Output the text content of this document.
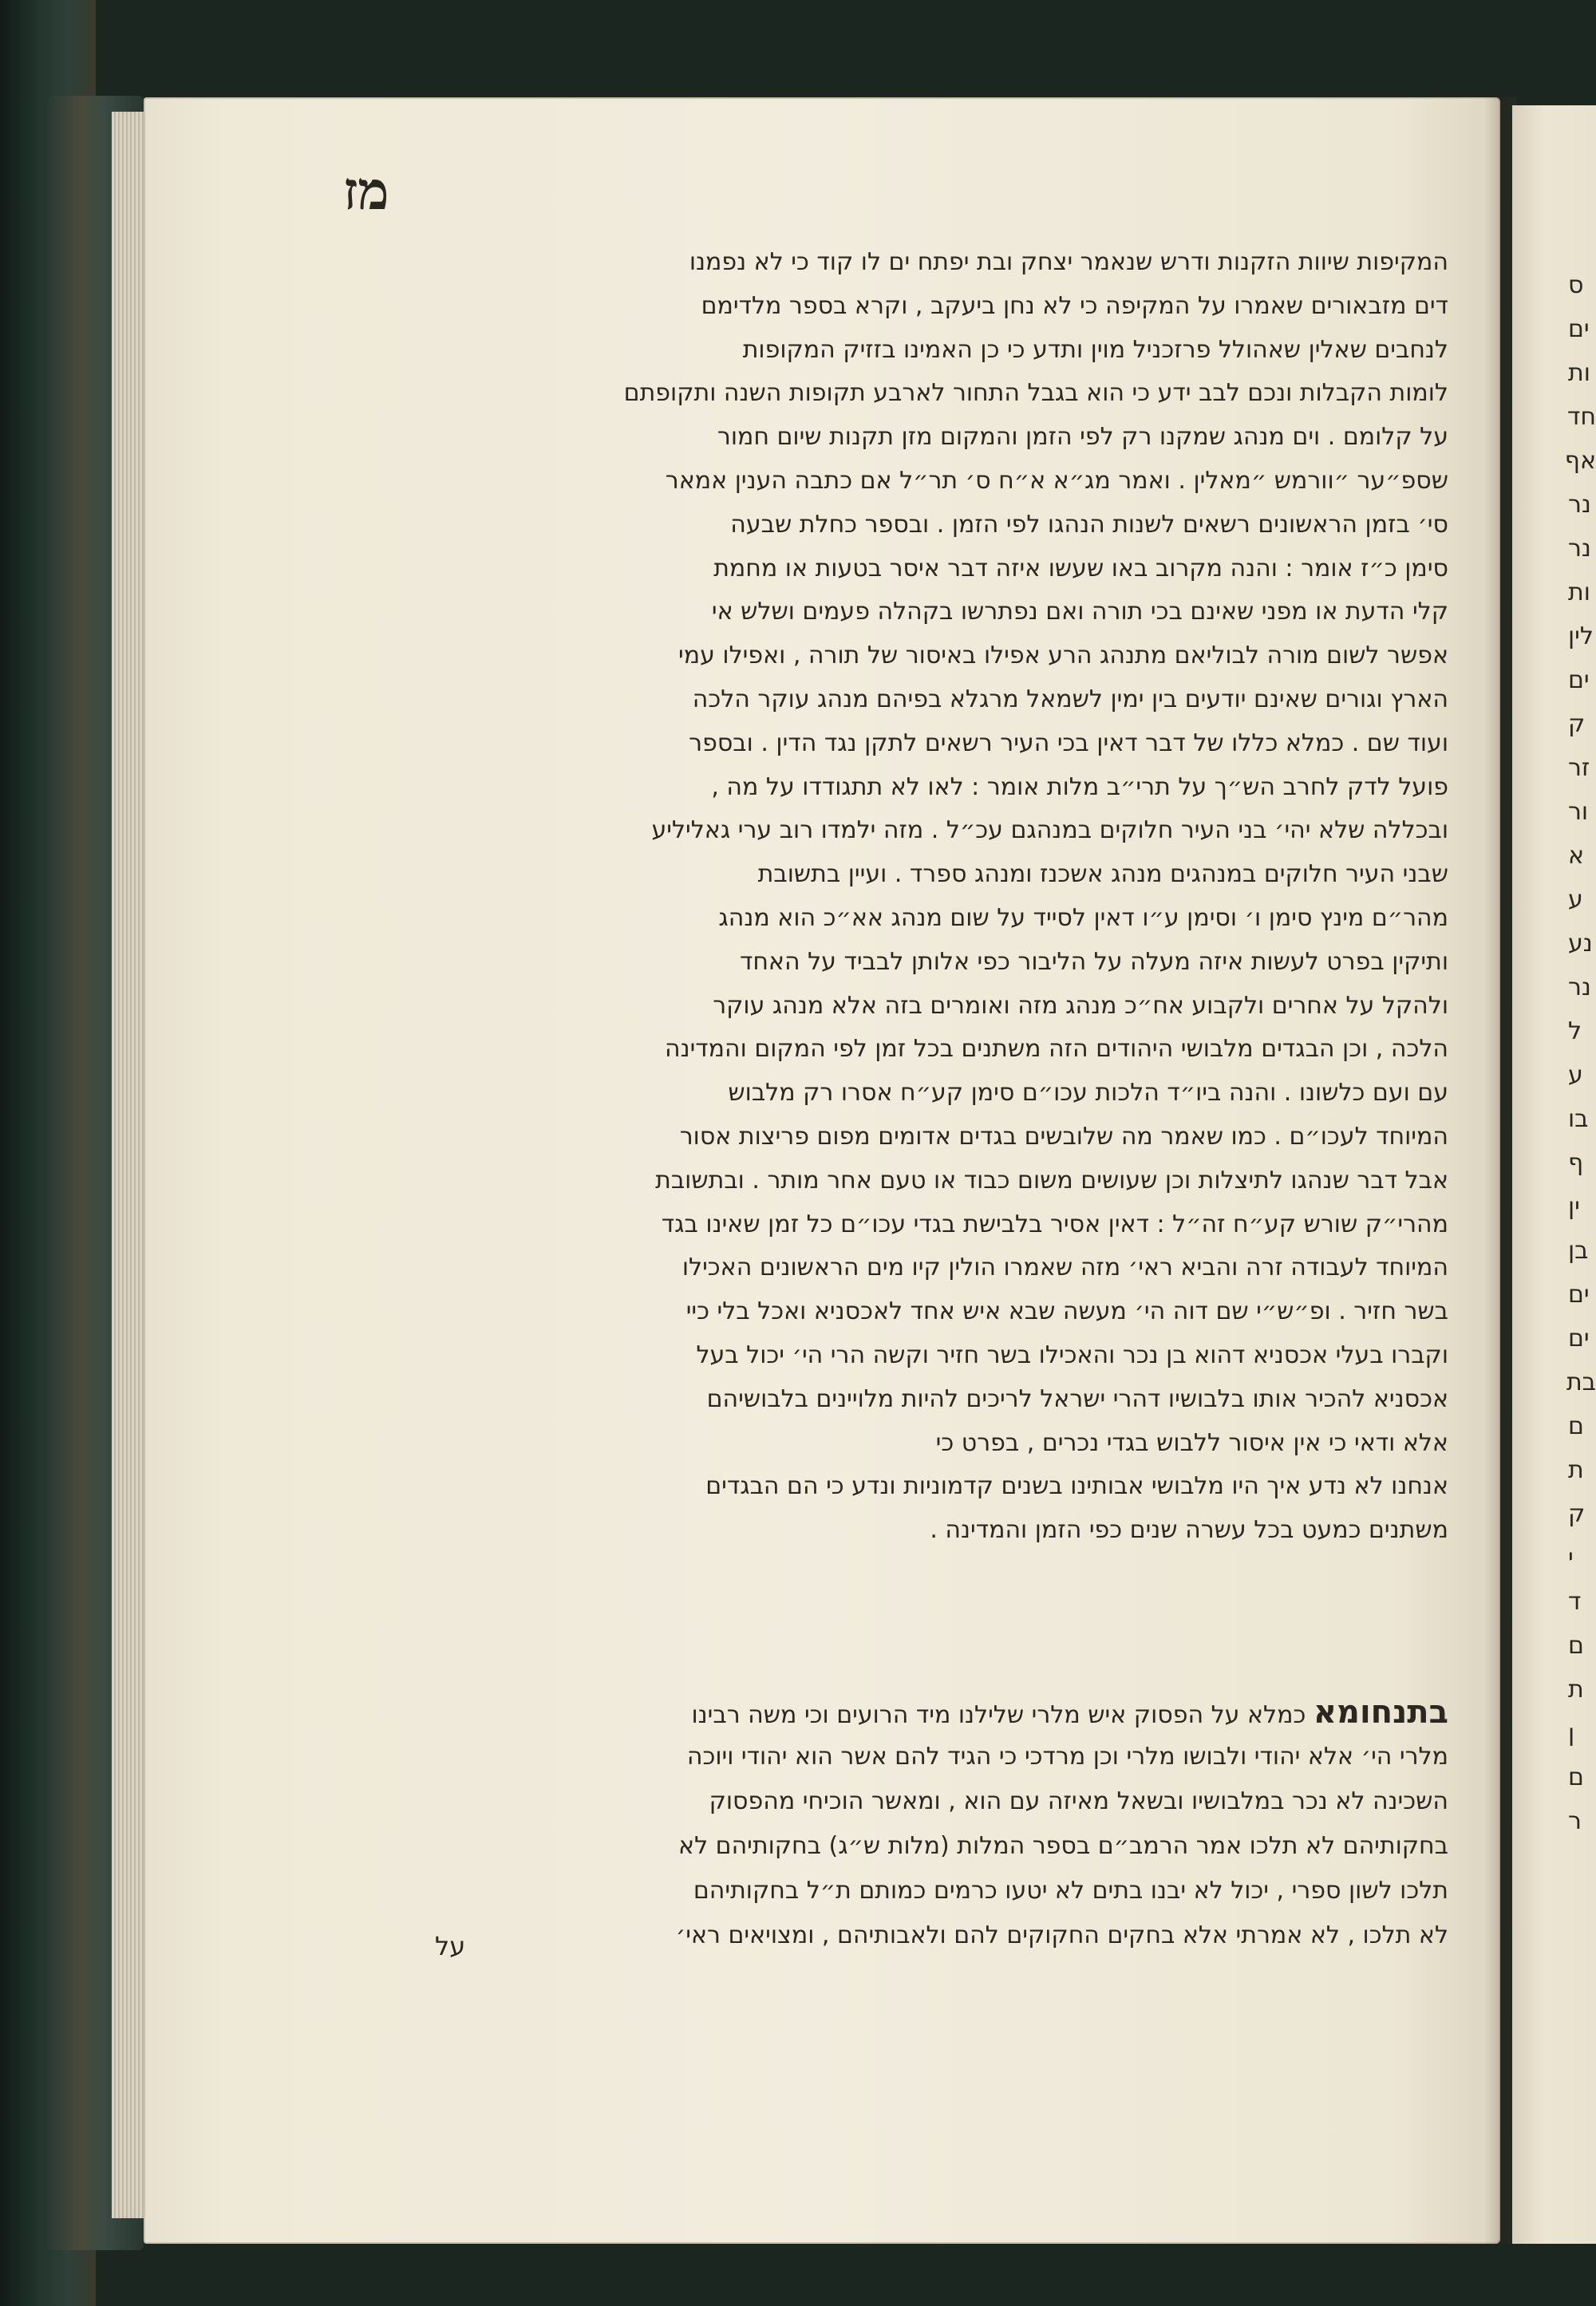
מז
המקיפות שיוות הזקנות ודרש שנאמר יצחק ובת יפתח ים לו קוד כי לא נפמנו
דים מזבאורים שאמרו על המקיפה כי לא נחן ביעקב , וקרא בספר מלדימם
לנחבים שאלין שאהולל פרזכניל מוין ותדע כי כן האמינו בזזיק המקופות
לומות הקבלות ונכם לבב ידע כי הוא בגבל התחור לארבע תקופות השנה ותקופתם
על קלומם . וים מנהג שמקנו רק לפי הזמן והמקום מזן תקנות שיום חמור
שספ״ער ״וורמש ״מאלין . ואמר מג״א א״ח ס׳ תר״ל אם כתבה הענין אמאר
סי׳ בזמן הראשונים רשאים לשנות הנהגו לפי הזמן . ובספר כחלת שבעה
סימן כ״ז אומר : והנה מקרוב באו שעשו איזה דבר איסר בטעות או מחמת
קלי הדעת או מפני שאינם בכי תורה ואם נפתרשו בקהלה פעמים ושלש אי
אפשר לשום מורה לבוליאם מתנהג הרע אפילו באיסור של תורה , ואפילו עמי
הארץ וגורים שאינם יודעים בין ימין לשמאל מרגלא בפיהם מנהג עוקר הלכה
ועוד שם . כמלא כללו של דבר דאין בכי העיר רשאים לתקן נגד הדין . ובספר
פועל לדק לחרב הש״ך על תרי״ב מלות אומר : לאו לא תתגודדו על מה ,
ובכללה שלא יהי׳ בני העיר חלוקים במנהגם עכ״ל . מזה ילמדו רוב ערי גאליליע
שבני העיר חלוקים במנהגים מנהג אשכנז ומנהג ספרד . ועיין בתשובת
מהר״ם מינץ סימן ו׳ וסימן ע״ו דאין לסייד על שום מנהג אא״כ הוא מנהג
ותיקין בפרט לעשות איזה מעלה על הליבור כפי אלותן לבביד על האחד
ולהקל על אחרים ולקבוע אח״כ מנהג מזה ואומרים בזה אלא מנהג עוקר
הלכה , וכן הבגדים מלבושי היהודים הזה משתנים בכל זמן לפי המקום והמדינה
עם ועם כלשונו . והנה ביו״ד הלכות עכו״ם סימן קע״ח אסרו רק מלבוש
המיוחד לעכו״ם . כמו שאמר מה שלובשים בגדים אדומים מפום פריצות אסור
אבל דבר שנהגו לתיצלות וכן שעושים משום כבוד או טעם אחר מותר . ובתשובת
מהרי״ק שורש קע״ח זה״ל : דאין אסיר בלבישת בגדי עכו״ם כל זמן שאינו בגד
המיוחד לעבודה זרה והביא ראי׳ מזה שאמרו הולין קיו מים הראשונים האכילו
בשר חזיר . ופ״ש״י שם דוה הי׳ מעשה שבא איש אחד לאכסניא ואכל בלי כיי
וקברו בעלי אכסניא דהוא בן נכר והאכילו בשר חזיר וקשה הרי הי׳ יכול בעל
אכסניא להכיר אותו בלבושיו דהרי ישראל לריכים להיות מלויינים בלבושיהם
אלא ודאי כי אין איסור ללבוש בגדי נכרים , בפרט כי
אנחנו לא נדע איך היו מלבושי אבותינו בשנים קדמוניות ונדע כי הם הבגדים
משתנים כמעט בכל עשרה שנים כפי הזמן והמדינה .
בתנחומא כמלא על הפסוק איש מלרי שלילנו מיד הרועים וכי משה רבינו
מלרי הי׳ אלא יהודי ולבושו מלרי וכן מרדכי כי הגיד להם אשר הוא יהודי ויוכה
השכינה לא נכר במלבושיו ובשאל מאיזה עם הוא , ומאשר הוכיחי מהפסוק
בחקותיהם לא תלכו אמר הרמב״ם בספר המלות (מלות ש״ג) בחקותיהם לא
תלכו לשון ספרי , יכול לא יבנו בתים לא יטעו כרמים כמותם ת״ל בחקותיהם
לא תלכו , לא אמרתי אלא בחקים החקוקים להם ולאבותיהם , ומצויאים ראי׳
על
ס
ים
ות
חד
אף
נר
נר
ות
לין
ים
ק
זר
ור
א
ע
נע
נר
ל
ע
בו
ף
ין
בן
ים
ים
בת
ם
ת
ק
י
ד
ם
ת
ן
ם
ר
